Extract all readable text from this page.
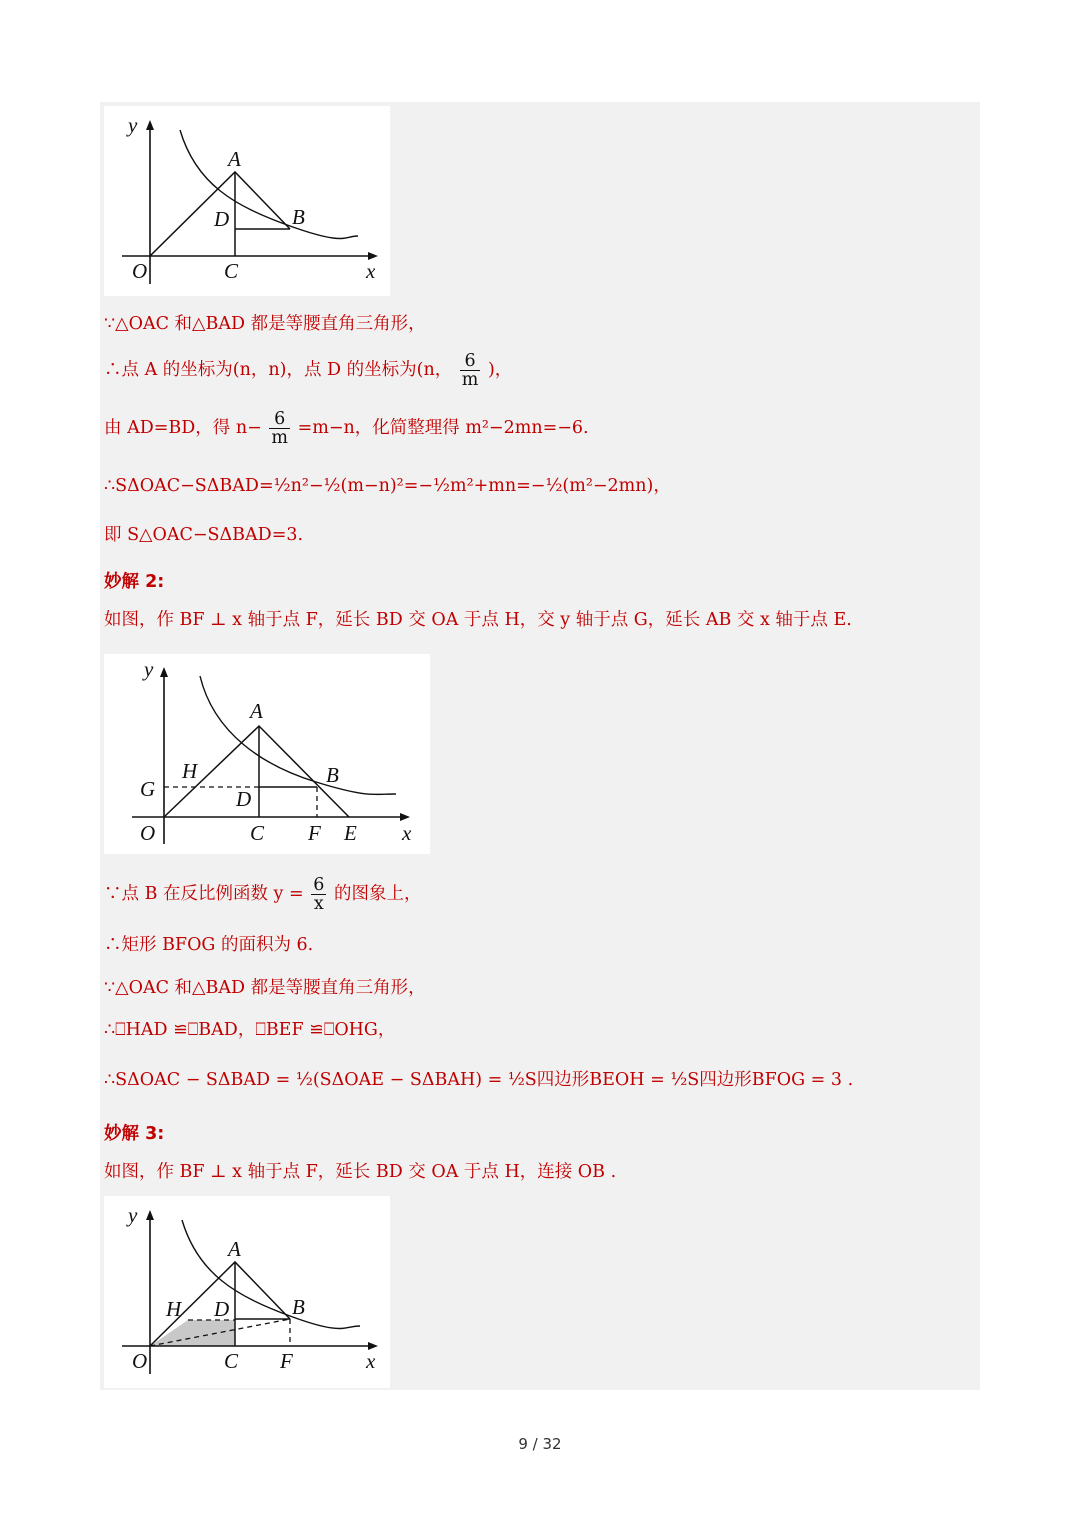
y
A
D	B
O	C	x
∵△OAC 和△BAD 都是等腰直角三角形，
∴点 A 的坐标为(n，n)，点 D 的坐标为(n， $\frac{6}{m}$ )，
由 AD=BD，得 $n- \frac{6}{m} =m-n$，化简整理得 m²−2mn=−6.
∴SΔOAC−SΔBAD=½n²−½(m−n)²=−½m²+mn=−½(m²−2mn)，
即 S△OAC−SΔBAD=3.
妙解 2:
如图，作 BF ⊥ x 轴于点 F，延长 BD 交 OA 于点 H，交 y 轴于点 G，延长 AB 交 x 轴于点 E.
y
A
H
G
B
D
O	C F E x
∵点 B 在反比例函数 $y = \frac{6}{x}$ 的图象上，
∴矩形 BFOG 的面积为 6.
∵△OAC 和△BAD 都是等腰直角三角形，
∴⎕HAD ≌⎕BAD，⎕BEF ≌⎕OHG，
∴SΔOAC − SΔBAD = ½(SΔOAE − SΔBAH) = ½S四边形BEOH = ½S四边形BFOG = 3 .
妙解 3:
如图，作 BF ⊥ x 轴于点 F，延长 BD 交 OA 于点 H，连接 OB .
y
A
H D	B
O	C F	x
9 / 32
